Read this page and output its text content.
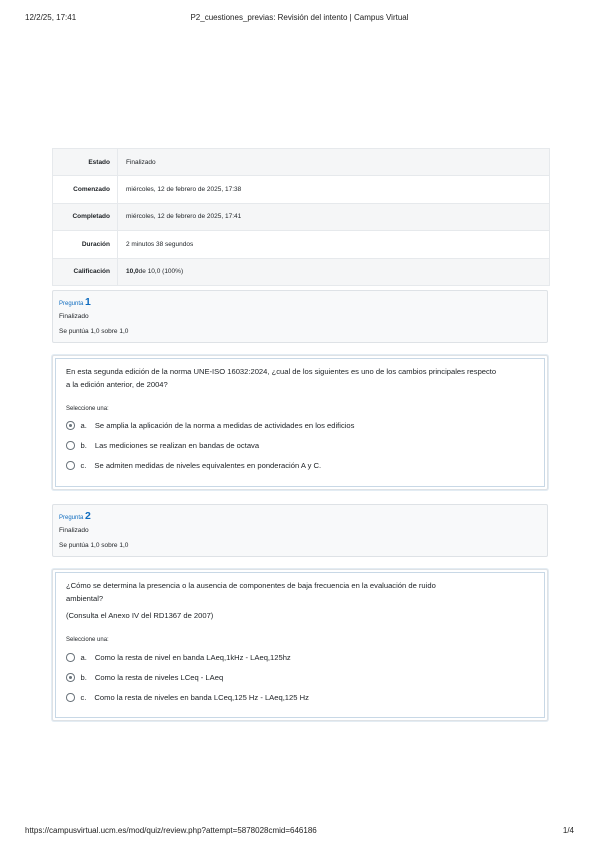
12/2/25, 17:41	P2_cuestiones_previas: Revisión del intento | Campus Virtual
Estado	Finalizado
Comenzado	miércoles, 12 de febrero de 2025, 17:38
Completado	miércoles, 12 de febrero de 2025, 17:41
Duración	2 minutos 38 segundos
Calificación	10,0 de 10,0 (100%)
Pregunta 1
Finalizado
Se puntúa 1,0 sobre 1,0
En esta segunda edición de la norma UNE-ISO 16032:2024, ¿cual de los siguientes es uno de los cambios principales respecto
a la edición anterior, de 2004?
Seleccione una:
a. Se amplia la aplicación de la norma a medidas de actividades en los edificios
b. Las mediciones se realizan en bandas de octava
c. Se admiten medidas de niveles equivalentes en ponderación A y C.
Pregunta 2
Finalizado
Se puntúa 1,0 sobre 1,0
¿Cómo se determina la presencia o la ausencia de componentes de baja frecuencia en la evaluación de ruido
ambiental?
(Consulta el Anexo IV del RD1367 de 2007)
Seleccione una:
a. Como la resta de nivel en banda LAeq,1kHz - LAeq,125hz
b. Como la resta de niveles LCeq - LAeq
c. Como la resta de niveles en banda LCeq,125 Hz - LAeq,125 Hz
https://campusvirtual.ucm.es/mod/quiz/review.php?attempt=5878028cmid=646186	1/4
